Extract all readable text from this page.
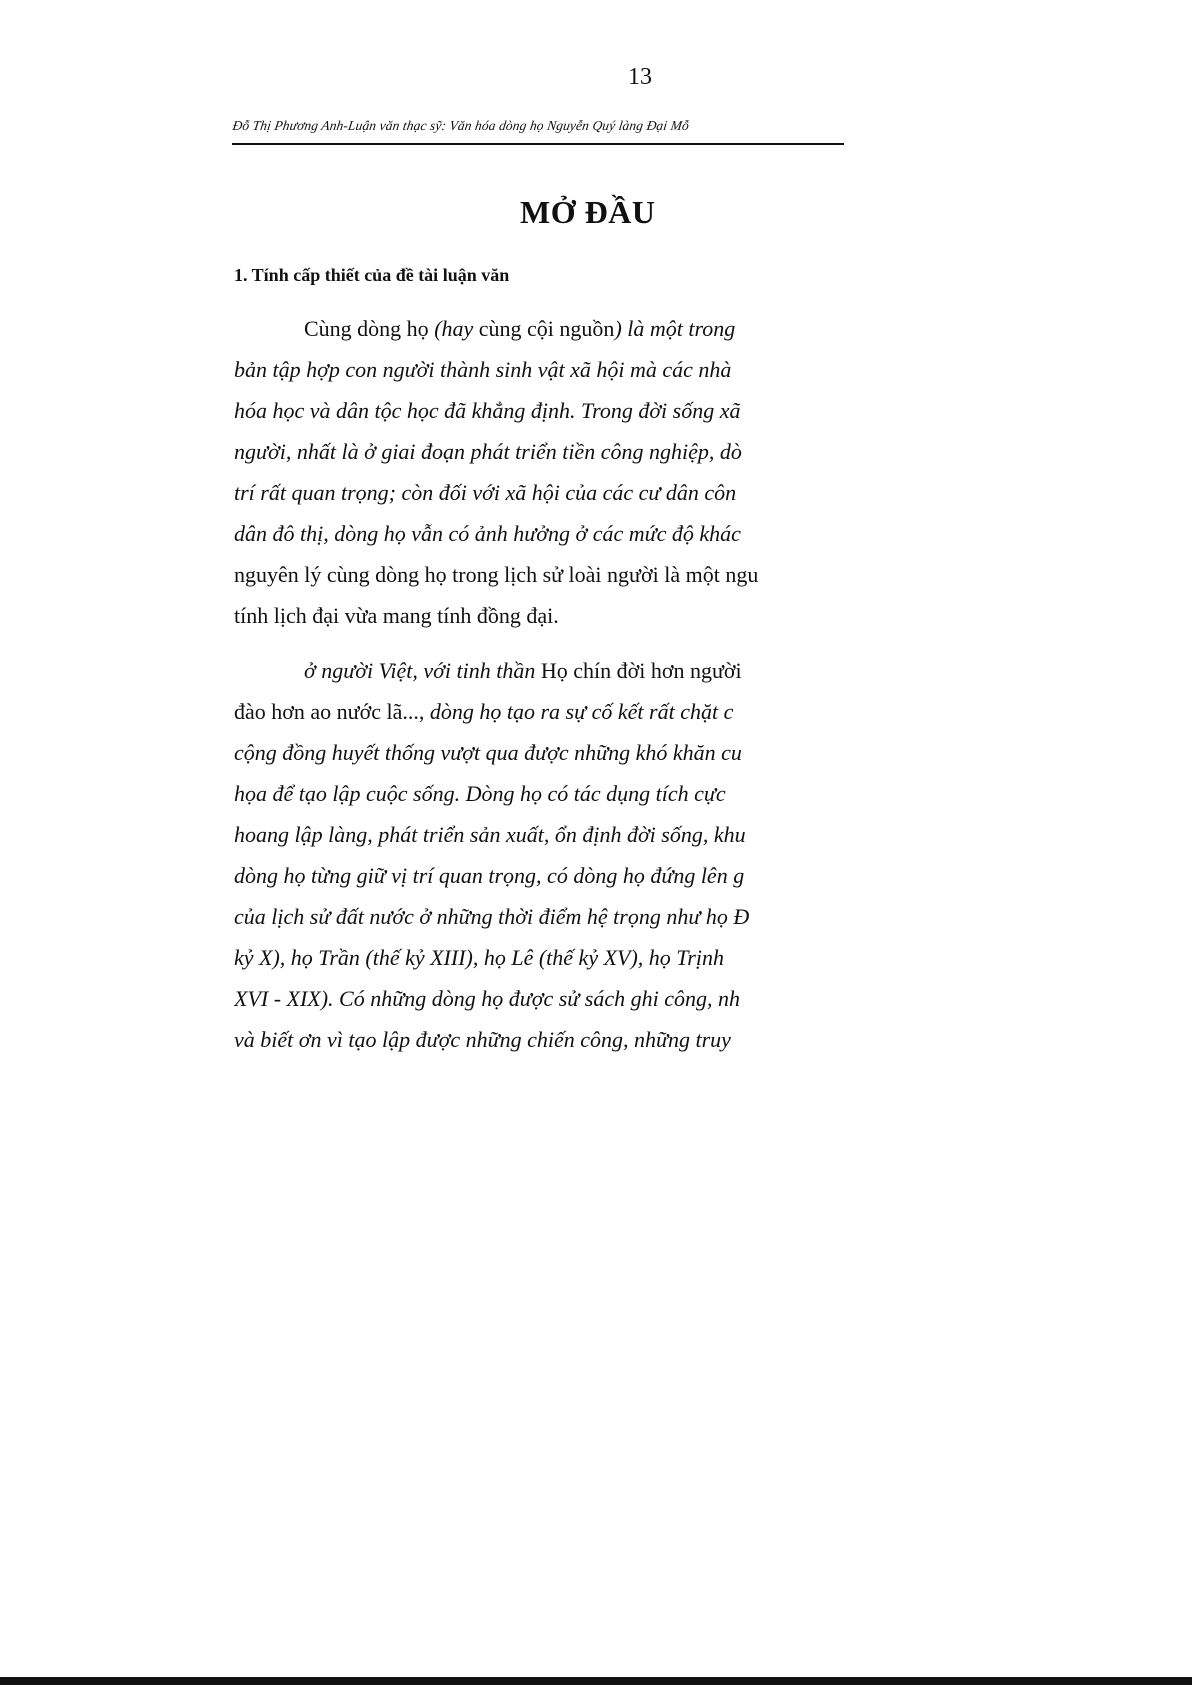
13
Đỗ Thị Phương Anh-Luận văn thạc sỹ: Văn hóa dòng họ Nguyễn Quý làng Đại Mỗ
MỞ ĐẦU
1. Tính cấp thiết của đề tài luận văn
Cùng dòng họ (hay cùng cội nguồn) là một trong
bản tập hợp con người thành sinh vật xã hội mà các nhà
hóa học và dân tộc học đã khẳng định. Trong đời sống xã
người, nhất là ở giai đoạn phát triển tiền công nghiệp, dò
trí rất quan trọng; còn đối với xã hội của các cư dân côn
dân đô thị, dòng họ vẫn có ảnh hưởng ở các mức độ khác
nguyên lý cùng dòng họ trong lịch sử loài người là một ngu
tính lịch đại vừa mang tính đồng đại.
ở người Việt, với tinh thần Họ chín đời hơn người
đào hơn ao nước lã..., dòng họ tạo ra sự cố kết rất chặt c
cộng đồng huyết thống vượt qua được những khó khăn cu
họa để tạo lập cuộc sống. Dòng họ có tác dụng tích cực
hoang lập làng, phát triển sản xuất, ổn định đời sống, khu
dòng họ từng giữ vị trí quan trọng, có dòng họ đứng lên g
của lịch sử đất nước ở những thời điểm hệ trọng như họ Đ
kỷ X), họ Trần (thế kỷ XIII), họ Lê (thế kỷ XV), họ Trịnh
XVI - XIX). Có những dòng họ được sử sách ghi công, nh
và biết ơn vì tạo lập được những chiến công, những truy
